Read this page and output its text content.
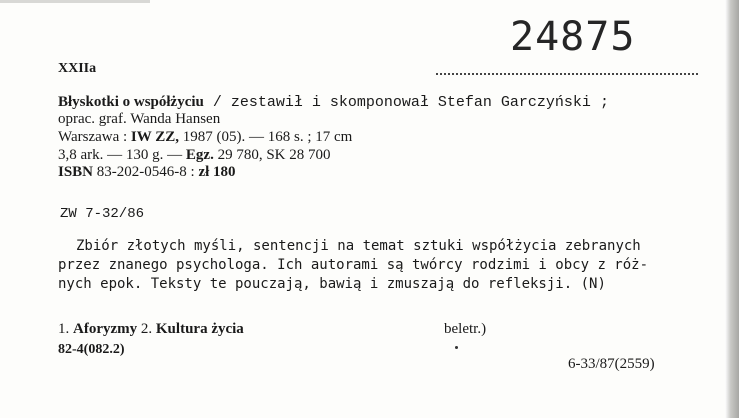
24875
XXIIa
Błyskotki o współżyciu / zestawił i skomponował Stefan Garczyński ;
oprac. graf. Wanda Hansen
Warszawa : IW ZZ, 1987 (05). — 168 s. ; 17 cm
3,8 ark. — 130 g. — Egz. 29 780, SK 28 700
ISBN 83-202-0546-8 : zł 180
ZW 7-32/86
Zbiór złotych myśli, sentencji na temat sztuki współżycia zebranych
przez znanego psychologa. Ich autorami są twórcy rodzimi i obcy z róż-
nych epok. Teksty te pouczają, bawią i zmuszają do refleksji. (N)
1. Aforyzmy 2. Kultura życia	beletr.)
82-4(082.2)
6-33/87(2559)
